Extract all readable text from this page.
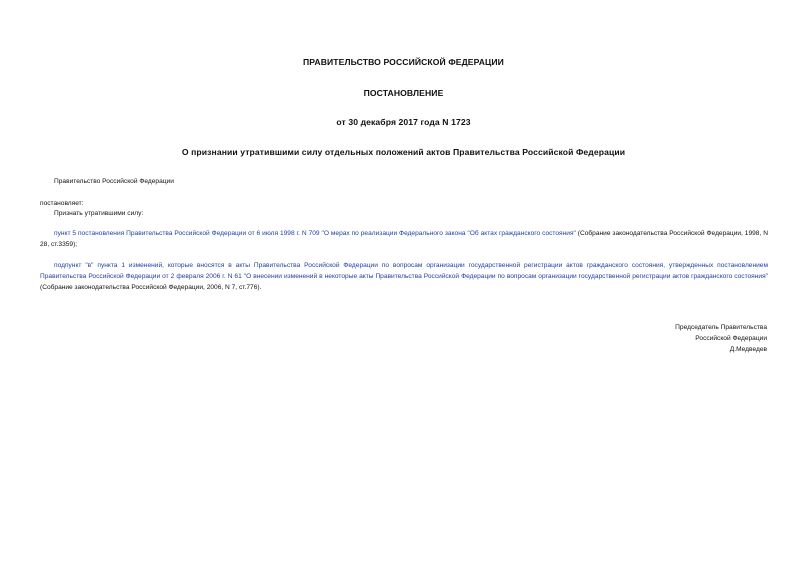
ПРАВИТЕЛЬСТВО РОССИЙСКОЙ ФЕДЕРАЦИИ
ПОСТАНОВЛЕНИЕ
от 30 декабря 2017 года N 1723
О признании утратившими силу отдельных положений актов Правительства Российской Федерации
Правительство Российской Федерации
постановляет:
Признать утратившими силу:
пункт 5 постановления Правительства Российской Федерации от 6 июля 1998 г. N 709 "О мерах по реализации Федерального закона "Об актах гражданского состояния" (Собрание законодательства Российской Федерации, 1998, N 28, ст.3359);
подпункт "в" пункта 1 изменений, которые вносятся в акты Правительства Российской Федерации по вопросам организации государственной регистрации актов гражданского состояния, утвержденных постановлением Правительства Российской Федерации от 2 февраля 2006 г. N 61 "О внесении изменений в некоторые акты Правительства Российской Федерации по вопросам организации государственной регистрации актов гражданского состояния" (Собрание законодательства Российской Федерации, 2006, N 7, ст.776).
Председатель Правительства
Российской Федерации
Д.Медведев
